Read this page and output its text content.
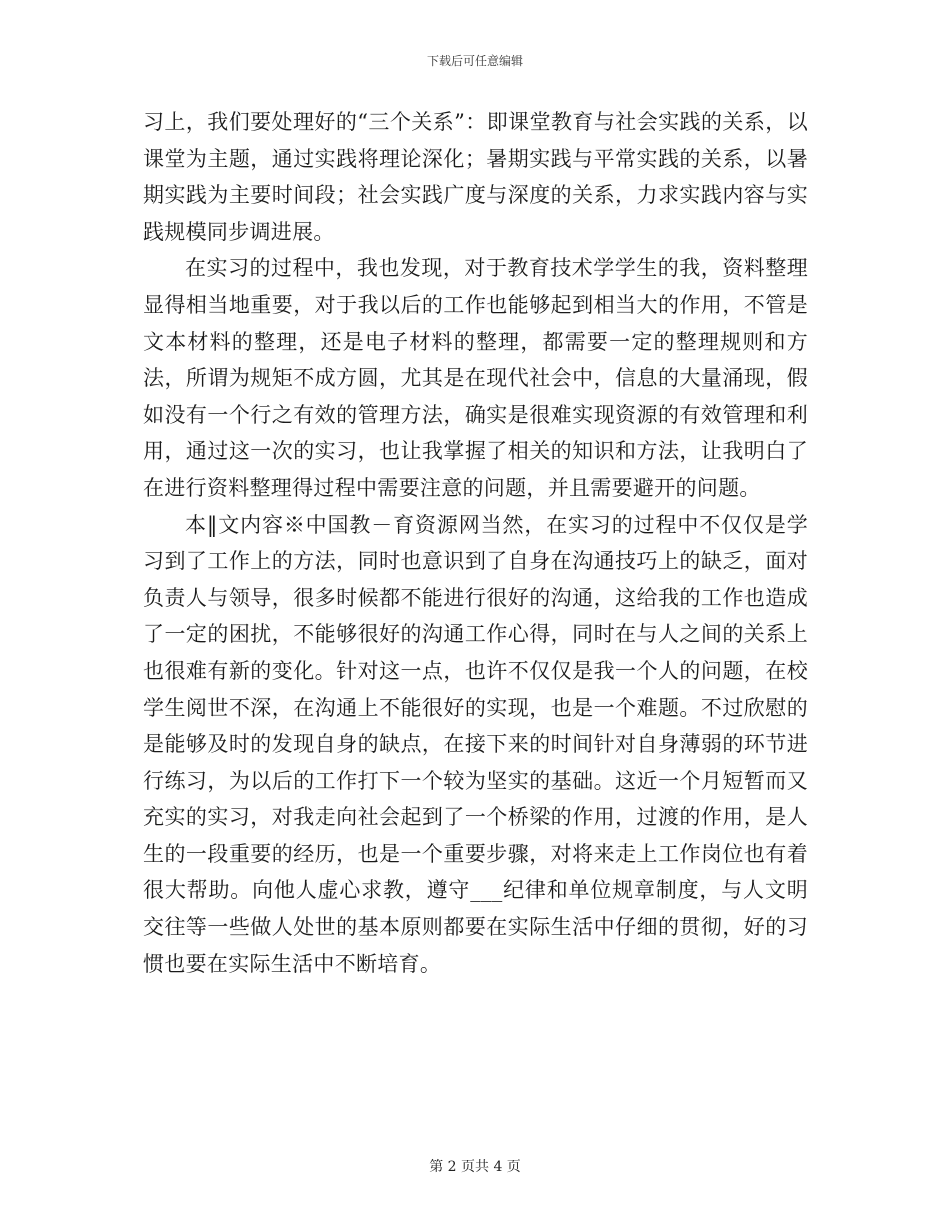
下载后可任意编辑

习上，我们要处理好的“三个关系”：即课堂教育与社会实践的关系，以课堂为主题，通过实践将理论深化；暑期实践与平常实践的关系，以暑期实践为主要时间段；社会实践广度与深度的关系，力求实践内容与实践规模同步调进展。

在实习的过程中，我也发现，对于教育技术学学生的我，资料整理显得相当地重要，对于我以后的工作也能够起到相当大的作用，不管是文本材料的整理，还是电子材料的整理，都需要一定的整理规则和方法，所谓为规矩不成方圆，尤其是在现代社会中，信息的大量涌现，假如没有一个行之有效的管理方法，确实是很难实现资源的有效管理和利用，通过这一次的实习，也让我掌握了相关的知识和方法，让我明白了在进行资料整理得过程中需要注意的问题，并且需要避开的问题。

本‖文内容※中国教－育资源网当然，在实习的过程中不仅仅是学习到了工作上的方法，同时也意识到了自身在沟通技巧上的缺乏，面对负责人与领导，很多时候都不能进行很好的沟通，这给我的工作也造成了一定的困扰，不能够很好的沟通工作心得，同时在与人之间的关系上也很难有新的变化。针对这一点，也许不仅仅是我一个人的问题，在校学生阅世不深，在沟通上不能很好的实现，也是一个难题。不过欣慰的是能够及时的发现自身的缺点，在接下来的时间针对自身薄弱的环节进行练习，为以后的工作打下一个较为坚实的基础。这近一个月短暂而又充实的实习，对我走向社会起到了一个桥梁的作用，过渡的作用，是人生的一段重要的经历，也是一个重要步骤，对将来走上工作岗位也有着很大帮助。向他人虚心求教，遵守___纪律和单位规章制度，与人文明交往等一些做人处世的基本原则都要在实际生活中仔细的贯彻，好的习惯也要在实际生活中不断培育。

第 2 页共 4 页
